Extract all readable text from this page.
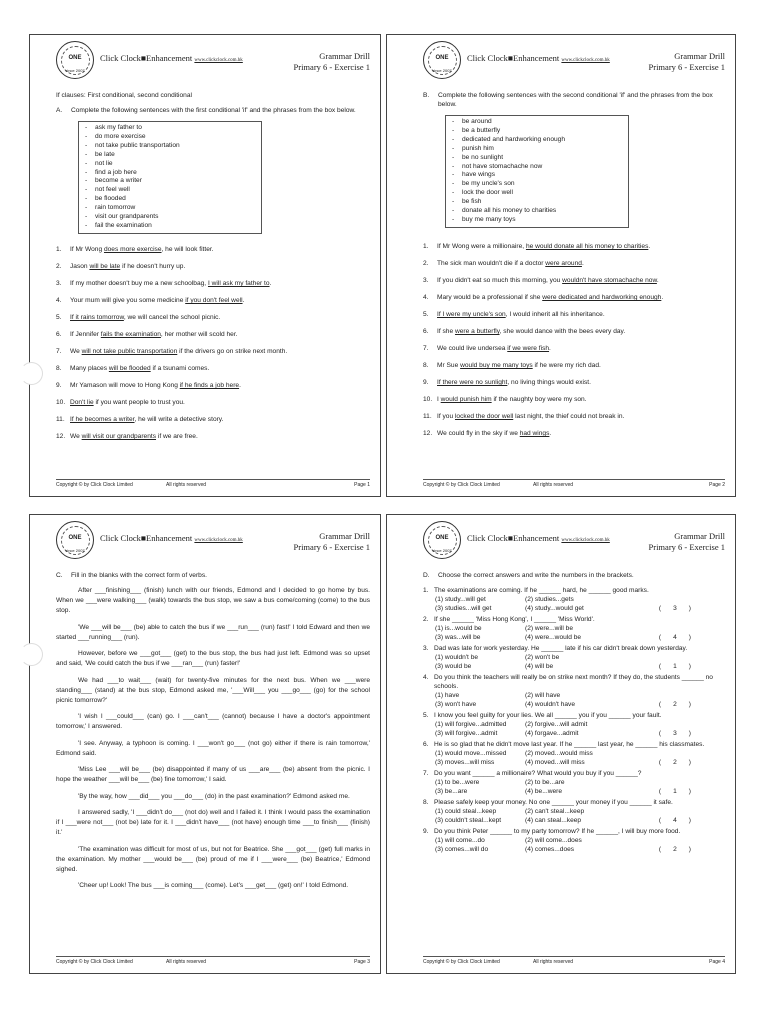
ONE
since 2007
Click Clock■Enhancement www.clickclock.com.hk	Grammar Drill
Primary 6 - Exercise 1
If clauses: First conditional, second conditional
A.	Complete the following sentences with the first conditional 'if' and the phrases from the box below.
-	ask my father to
-	do more exercise
-	not take public transportation
-	be late
-	not lie
-	find a job here
-	become a writer
-	not feel well
-	be flooded
-	rain tomorrow
-	visit our grandparents
-	fail the examination
1.	If Mr Wong does more exercise, he will look fitter.
2.	Jason will be late if he doesn't hurry up.
3.	If my mother doesn't buy me a new schoolbag, I will ask my father to.
4.	Your mum will give you some medicine if you don't feel well.
5.	If it rains tomorrow, we will cancel the school picnic.
6.	If Jennifer fails the examination, her mother will scold her.
7.	We will not take public transportation if the drivers go on strike next month.
8.	Many places will be flooded if a tsunami comes.
9.	Mr Yamason will move to Hong Kong if he finds a job here.
10. Don't lie if you want people to trust you.
11. If he becomes a writer, he will write a detective story.
12. We will visit our grandparents if we are free.
Copyright © by Click Clock Limited	All rights reserved	Page 1
ONE
since 2007
Click Clock■Enhancement www.clickclock.com.hk	Grammar Drill
Primary 6 - Exercise 1
B.	Complete the following sentences with the second conditional 'if' and the phrases from the box below.
-	be around
-	be a butterfly
-	dedicated and hardworking enough
-	punish him
-	be no sunlight
-	not have stomachache now
-	have wings
-	be my uncle's son
-	lock the door well
-	be fish
-	donate all his money to charities
-	buy me many toys
1.	If Mr Wong were a millionaire, he would donate all his money to charities.
2.	The sick man wouldn't die if a doctor were around.
3.	If you didn't eat so much this morning, you wouldn't have stomachache now.
4.	Mary would be a professional if she were dedicated and hardworking enough.
5.	If I were my uncle's son, I would inherit all his inheritance.
6.	If she were a butterfly, she would dance with the bees every day.
7.	We could live undersea if we were fish.
8.	Mr Sue would buy me many toys if he were my rich dad.
9.	If there were no sunlight, no living things would exist.
10. I would punish him if the naughty boy were my son.
11. If you locked the door well last night, the thief could not break in.
12. We could fly in the sky if we had wings.
Copyright © by Click Clock Limited	All rights reserved	Page 2
ONE
since 2007
Click Clock■Enhancement www.clickclock.com.hk	Grammar Drill
Primary 6 - Exercise 1
C.	Fill in the blanks with the correct form of verbs.
After ___finishing___ (finish) lunch with our friends, Edmond and I decided to go home by bus. When we ___were walking___ (walk) towards the bus stop, we saw a bus come/coming (come) to the bus stop.
'We ___will be___ (be) able to catch the bus if we ___run___ (run) fast!' I told Edward and then we started ___running___ (run).
However, before we ___got___ (get) to the bus stop, the bus had just left. Edmond was so upset and said, 'We could catch the bus if we ___ran___ (run) faster!'
We had ___to wait___ (wait) for twenty-five minutes for the next bus. When we ___were standing___ (stand) at the bus stop, Edmond asked me, '___Will___ you ___go___ (go) for the school picnic tomorrow?'
'I wish I ___could___ (can) go. I ___can't___ (cannot) because I have a doctor's appointment tomorrow,' I answered.
'I see. Anyway, a typhoon is coming. I ___won't go___ (not go) either if there is rain tomorrow,' Edmond said.
'Miss Lee ___will be___ (be) disappointed if many of us ___are___ (be) absent from the picnic. I hope the weather ___will be___ (be) fine tomorrow,' I said.
'By the way, how ___did___ you ___do___ (do) in the past examination?' Edmond asked me.
I answered sadly, 'I ___didn't do___ (not do) well and I failed it. I think I would pass the examination if I ___were not___ (not be) late for it. I ___didn't have___ (not have) enough time ___to finish___ (finish) it.'
'The examination was difficult for most of us, but not for Beatrice. She ___got___ (get) full marks in the examination. My mother ___would be___ (be) proud of me if I ___were___ (be) Beatrice,' Edmond sighed.
'Cheer up! Look! The bus ___is coming___ (come). Let's ___get___ (get) on!' I told Edmond.
Copyright © by Click Clock Limited	All rights reserved	Page 3
ONE
since 2007
Click Clock■Enhancement www.clickclock.com.hk	Grammar Drill
Primary 6 - Exercise 1
D.	Choose the correct answers and write the numbers in the brackets.
1. The examinations are coming. If he ______ hard, he ______ good marks.
(1) study...will get	(2) studies...gets
(3) studies...will get	(4) study...would get	( 3 )
2. If she ______ 'Miss Hong Kong', I ______ 'Miss World'.
(1) is...would be	(2) were...will be
(3) was...will be	(4) were...would be	( 4 )
3. Dad was late for work yesterday. He ______ late if his car didn't break down yesterday.
(1) wouldn't be	(2) won't be
(3) would be	(4) will be	( 1 )
4. Do you think the teachers will really be on strike next month? If they do, the students ______ no schools.
(1) have	(2) will have
(3) won't have	(4) wouldn't have	( 2 )
5. I know you feel guilty for your lies. We all ______ you if you ______ your fault.
(1) will forgive...admitted	(2) forgive...will admit
(3) will forgive...admit	(4) forgave...admit	( 3 )
6. He is so glad that he didn't move last year. If he ______ last year, he ______ his classmates.
(1) would move...missed	(2) moved...would miss
(3) moves...will miss	(4) moved...will miss	( 2 )
7. Do you want ______ a millionaire? What would you buy if you ______?
(1) to be...were	(2) to be...are
(3) be...are	(4) be...were	( 1 )
8. Please safely keep your money. No one ______ your money if you ______ it safe.
(1) could steal...keep	(2) can't steal...keep
(3) couldn't steal...kept	(4) can steal...keep	( 4 )
9. Do you think Peter ______ to my party tomorrow? If he ______, I will buy more food.
(1) will come...do	(2) will come...does
(3) comes...will do	(4) comes...does	( 2 )
Copyright © by Click Clock Limited	All rights reserved	Page 4
